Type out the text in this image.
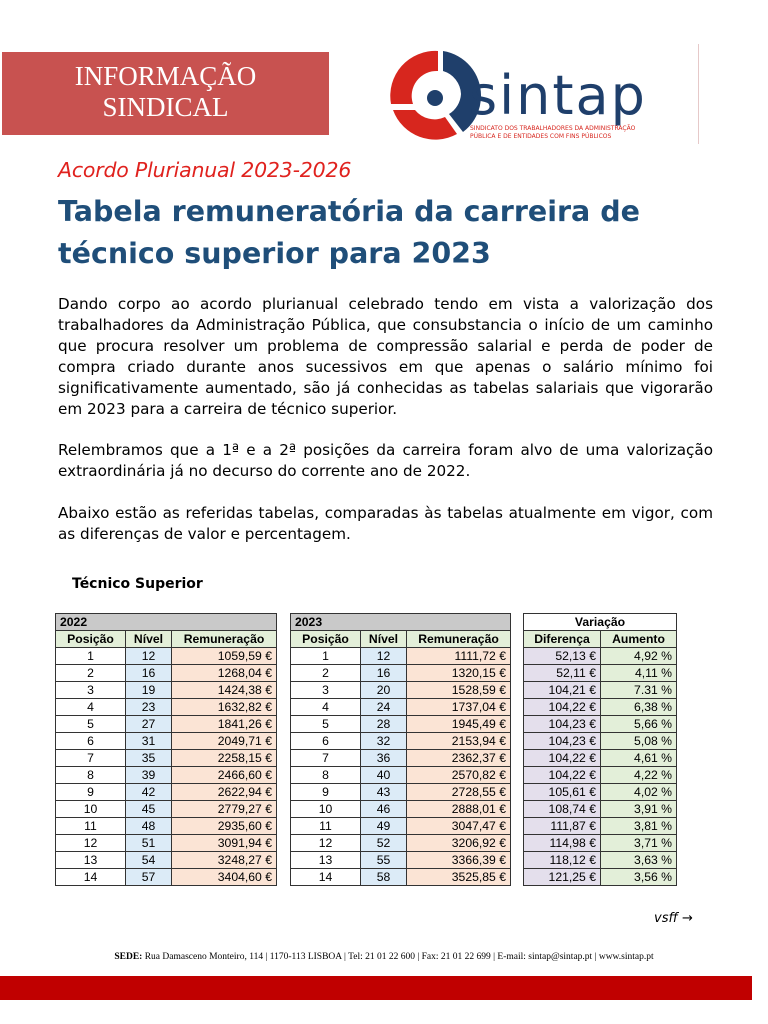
INFORMAÇÃO
SINDICAL	sintap
SINDICATO DOS TRABALHADORES DA ADMINISTRAÇÃO
PÚBLICA E DE ENTIDADES COM FINS PÚBLICOS
Acordo Plurianual 2023-2026
Tabela remuneratória da carreira de técnico superior para 2023
Dando corpo ao acordo plurianual celebrado tendo em vista a valorização dos trabalhadores da Administração Pública, que consubstancia o início de um caminho que procura resolver um problema de compressão salarial e perda de poder de compra criado durante anos sucessivos em que apenas o salário mínimo foi significativamente aumentado, são já conhecidas as tabelas salariais que vigorarão em 2023 para a carreira de técnico superior.
Relembramos que a 1ª e a 2ª posições da carreira foram alvo de uma valorização extraordinária já no decurso do corrente ano de 2022.
Abaixo estão as referidas tabelas, comparadas às tabelas atualmente em vigor, com as diferenças de valor e percentagem.
Técnico Superior
2022		
Posição	Nível	Remuneração
1	12	1059,59 €
2	16	1268,04 €
3	19	1424,38 €
4	23	1632,82 €
5	27	1841,26 €
6	31	2049,71 €
7	35	2258,15 €
8	39	2466,60 €
9	42	2622,94 €
10	45	2779,27 €
11	48	2935,60 €
12	51	3091,94 €
13	54	3248,27 €
14	57	3404,60 €
2023		
Posição	Nível	Remuneração
1	12	1111,72 €
2	16	1320,15 €
3	20	1528,59 €
4	24	1737,04 €
5	28	1945,49 €
6	32	2153,94 €
7	36	2362,37 €
8	40	2570,82 €
9	43	2728,55 €
10	46	2888,01 €
11	49	3047,47 €
12	52	3206,92 €
13	55	3366,39 €
14	58	3525,85 €
Variação	
Diferença	Aumento
52,13 €	4,92 %
52,11 €	4,11 %
104,21 €	7.31 %
104,22 €	6,38 %
104,23 €	5,66 %
104,23 €	5,08 %
104,22 €	4,61 %
104,22 €	4,22 %
105,61 €	4,02 %
108,74 €	3,91 %
111,87 €	3,81 %
114,98 €	3,71 %
118,12 €	3,63 %
121,25 €	3,56 %
vsff →
SEDE: Rua Damasceno Monteiro, 114 | 1170-113 LISBOA | Tel: 21 01 22 600 | Fax: 21 01 22 699 | E-mail: sintap@sintap.pt | www.sintap.pt
